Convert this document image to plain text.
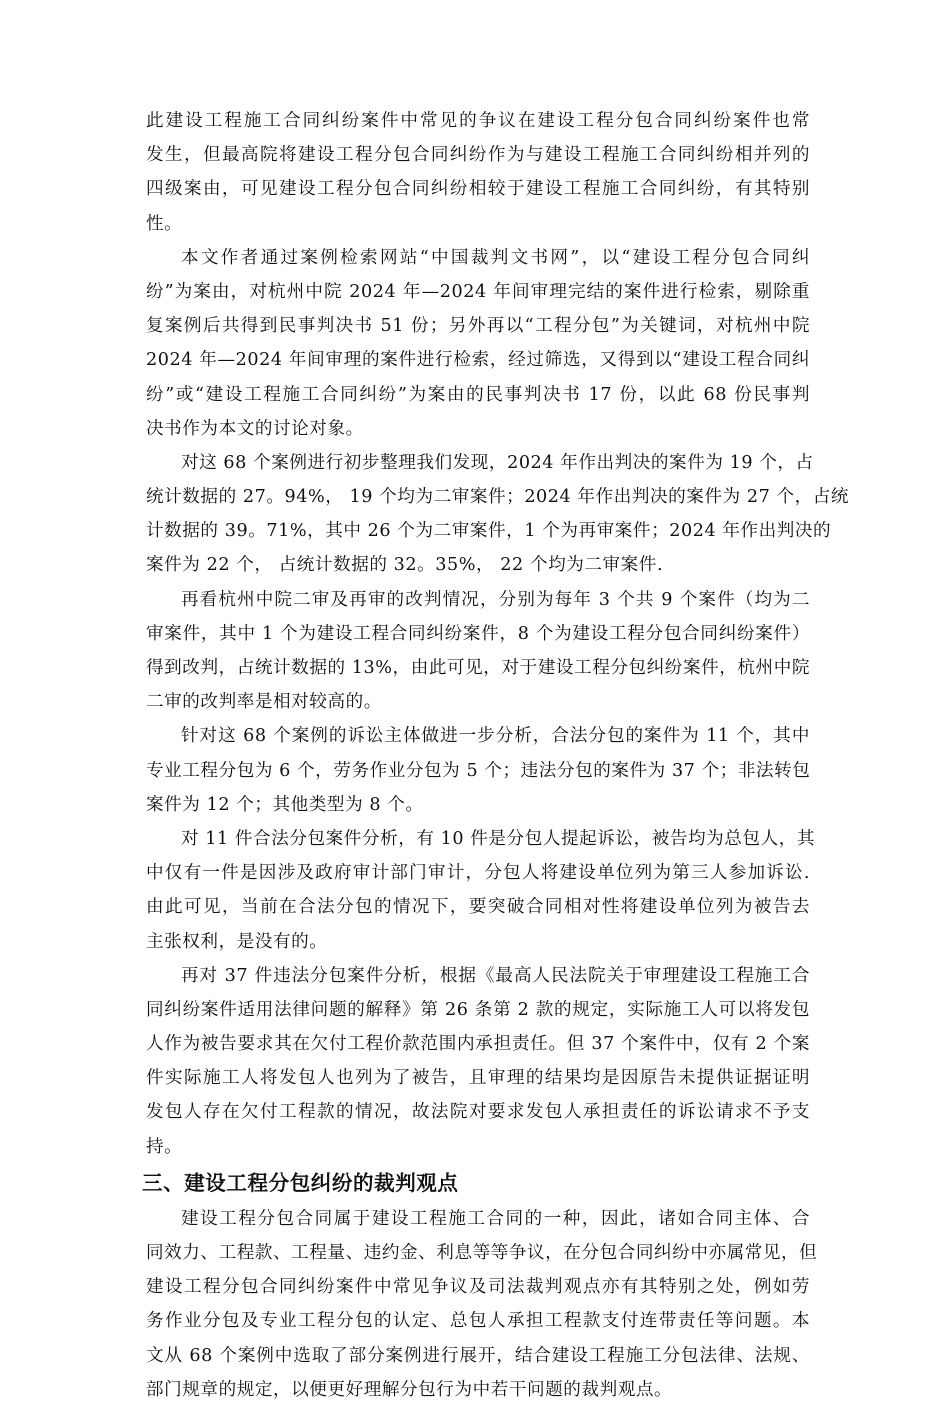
此建设工程施工合同纠纷案件中常见的争议在建设工程分包合同纠纷案件也常
发生，但最高院将建设工程分包合同纠纷作为与建设工程施工合同纠纷相并列的
四级案由，可见建设工程分包合同纠纷相较于建设工程施工合同纠纷，有其特别
性。
本文作者通过案例检索网站“中国裁判文书网”，以“建设工程分包合同纠
纷”为案由，对杭州中院 2024 年—2024 年间审理完结的案件进行检索，剔除重
复案例后共得到民事判决书 51 份；另外再以“工程分包”为关键词，对杭州中院
2024 年—2024 年间审理的案件进行检索，经过筛选，又得到以“建设工程合同纠
纷”或“建设工程施工合同纠纷”为案由的民事判决书 17 份，以此 68 份民事判
决书作为本文的讨论对象。
对这 68 个案例进行初步整理我们发现，2024 年作出判决的案件为 19 个，占
统计数据的 27。94%， 19 个均为二审案件；2024 年作出判决的案件为 27 个，占统
计数据的 39。71%，其中 26 个为二审案件，1 个为再审案件；2024 年作出判决的
案件为 22 个， 占统计数据的 32。35%， 22 个均为二审案件.
再看杭州中院二审及再审的改判情况，分别为每年 3 个共 9 个案件（均为二
审案件，其中 1 个为建设工程合同纠纷案件，8 个为建设工程分包合同纠纷案件）
得到改判，占统计数据的 13%，由此可见，对于建设工程分包纠纷案件，杭州中院
二审的改判率是相对较高的。
针对这 68 个案例的诉讼主体做进一步分析，合法分包的案件为 11 个，其中
专业工程分包为 6 个，劳务作业分包为 5 个；违法分包的案件为 37 个；非法转包
案件为 12 个；其他类型为 8 个。
对 11 件合法分包案件分析，有 10 件是分包人提起诉讼，被告均为总包人，其
中仅有一件是因涉及政府审计部门审计，分包人将建设单位列为第三人参加诉讼.
由此可见，当前在合法分包的情况下，要突破合同相对性将建设单位列为被告去
主张权利，是没有的。
再对 37 件违法分包案件分析，根据《最高人民法院关于审理建设工程施工合
同纠纷案件适用法律问题的解释》第 26 条第 2 款的规定，实际施工人可以将发包
人作为被告要求其在欠付工程价款范围内承担责任。但 37 个案件中，仅有 2 个案
件实际施工人将发包人也列为了被告，且审理的结果均是因原告未提供证据证明
发包人存在欠付工程款的情况，故法院对要求发包人承担责任的诉讼请求不予支
持。
三、建设工程分包纠纷的裁判观点
建设工程分包合同属于建设工程施工合同的一种，因此，诸如合同主体、合
同效力、工程款、工程量、违约金、利息等等争议，在分包合同纠纷中亦属常见，但
建设工程分包合同纠纷案件中常见争议及司法裁判观点亦有其特别之处，例如劳
务作业分包及专业工程分包的认定、总包人承担工程款支付连带责任等问题。本
文从 68 个案例中选取了部分案例进行展开，结合建设工程施工分包法律、法规、
部门规章的规定，以便更好理解分包行为中若干问题的裁判观点。
